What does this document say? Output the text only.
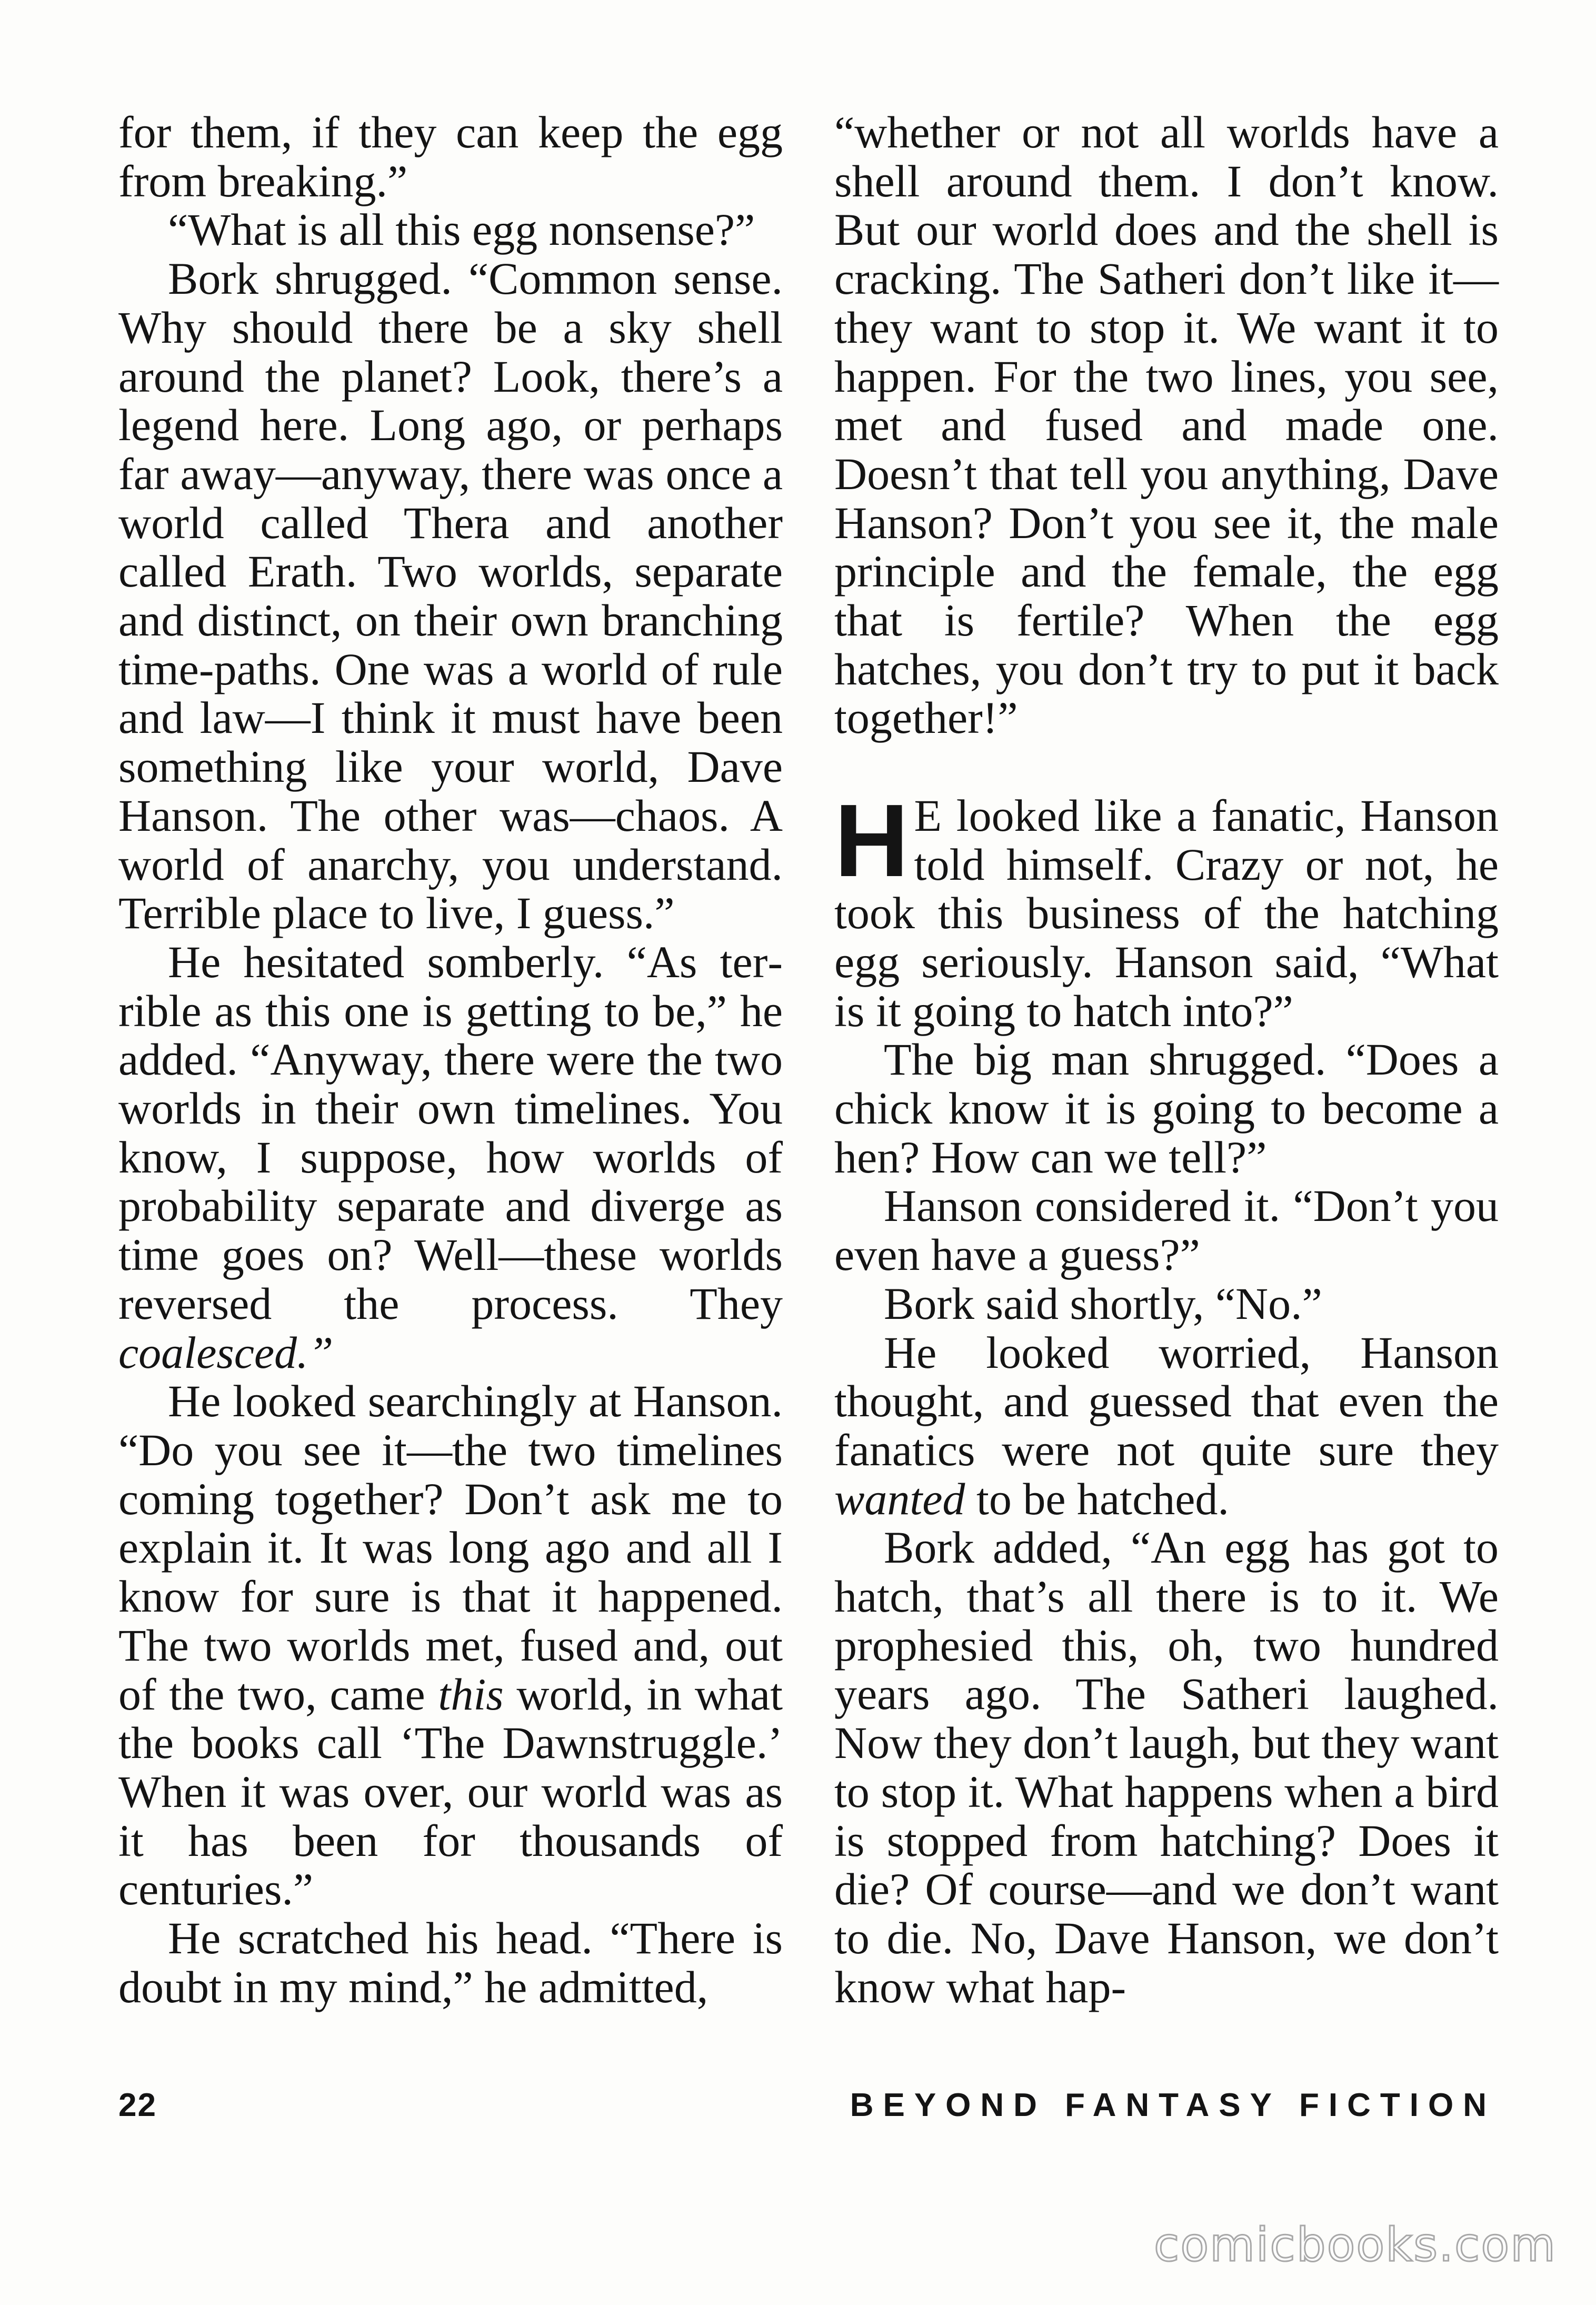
for them, if they can keep the egg from breaking.”

“What is all this egg nonsense?”

Bork shrugged. “Common sense. Why should there be a sky shell around the planet? Look, there’s a legend here. Long ago, or perhaps far away—anyway, there was once a world called Thera and another called Erath. Two worlds, separate and distinct, on their own branching time-paths. One was a world of rule and law—I think it must have been something like your world, Dave Hanson. The other was—chaos. A world of anarchy, you understand. Terrible place to live, I guess.”

He hesitated somberly. “As terrible as this one is getting to be,” he added. “Anyway, there were the two worlds in their own timelines. You know, I suppose, how worlds of probability separate and diverge as time goes on? Well—these worlds reversed the process. They coalesced.”

He looked searchingly at Hanson. “Do you see it—the two timelines coming together? Don’t ask me to explain it. It was long ago and all I know for sure is that it happened. The two worlds met, fused and, out of the two, came this world, in what the books call ‘The Dawnstruggle.’ When it was over, our world was as it has been for thousands of centuries.”

He scratched his head. “There is doubt in my mind,” he admitted,

“whether or not all worlds have a shell around them. I don’t know. But our world does and the shell is cracking. The Satheri don’t like it—they want to stop it. We want it to happen. For the two lines, you see, met and fused and made one. Doesn’t that tell you anything, Dave Hanson? Don’t you see it, the male principle and the female, the egg that is fertile? When the egg hatches, you don’t try to put it back together!”

H E looked like a fanatic, Hanson told himself. Crazy or not, he took this business of the hatching egg seriously. Hanson said, “What is it going to hatch into?”

The big man shrugged. “Does a chick know it is going to become a hen? How can we tell?”

Hanson considered it. “Don’t you even have a guess?”

Bork said shortly, “No.”

He looked worried, Hanson thought, and guessed that even the fanatics were not quite sure they wanted to be hatched.

Bork added, “An egg has got to hatch, that’s all there is to it. We prophesied this, oh, two hundred years ago. The Satheri laughed. Now they don’t laugh, but they want to stop it. What happens when a bird is stopped from hatching? Does it die? Of course—and we don’t want to die. No, Dave Hanson, we don’t know what hap-

22	BEYOND FANTASY FICTION
comicbooks.com
